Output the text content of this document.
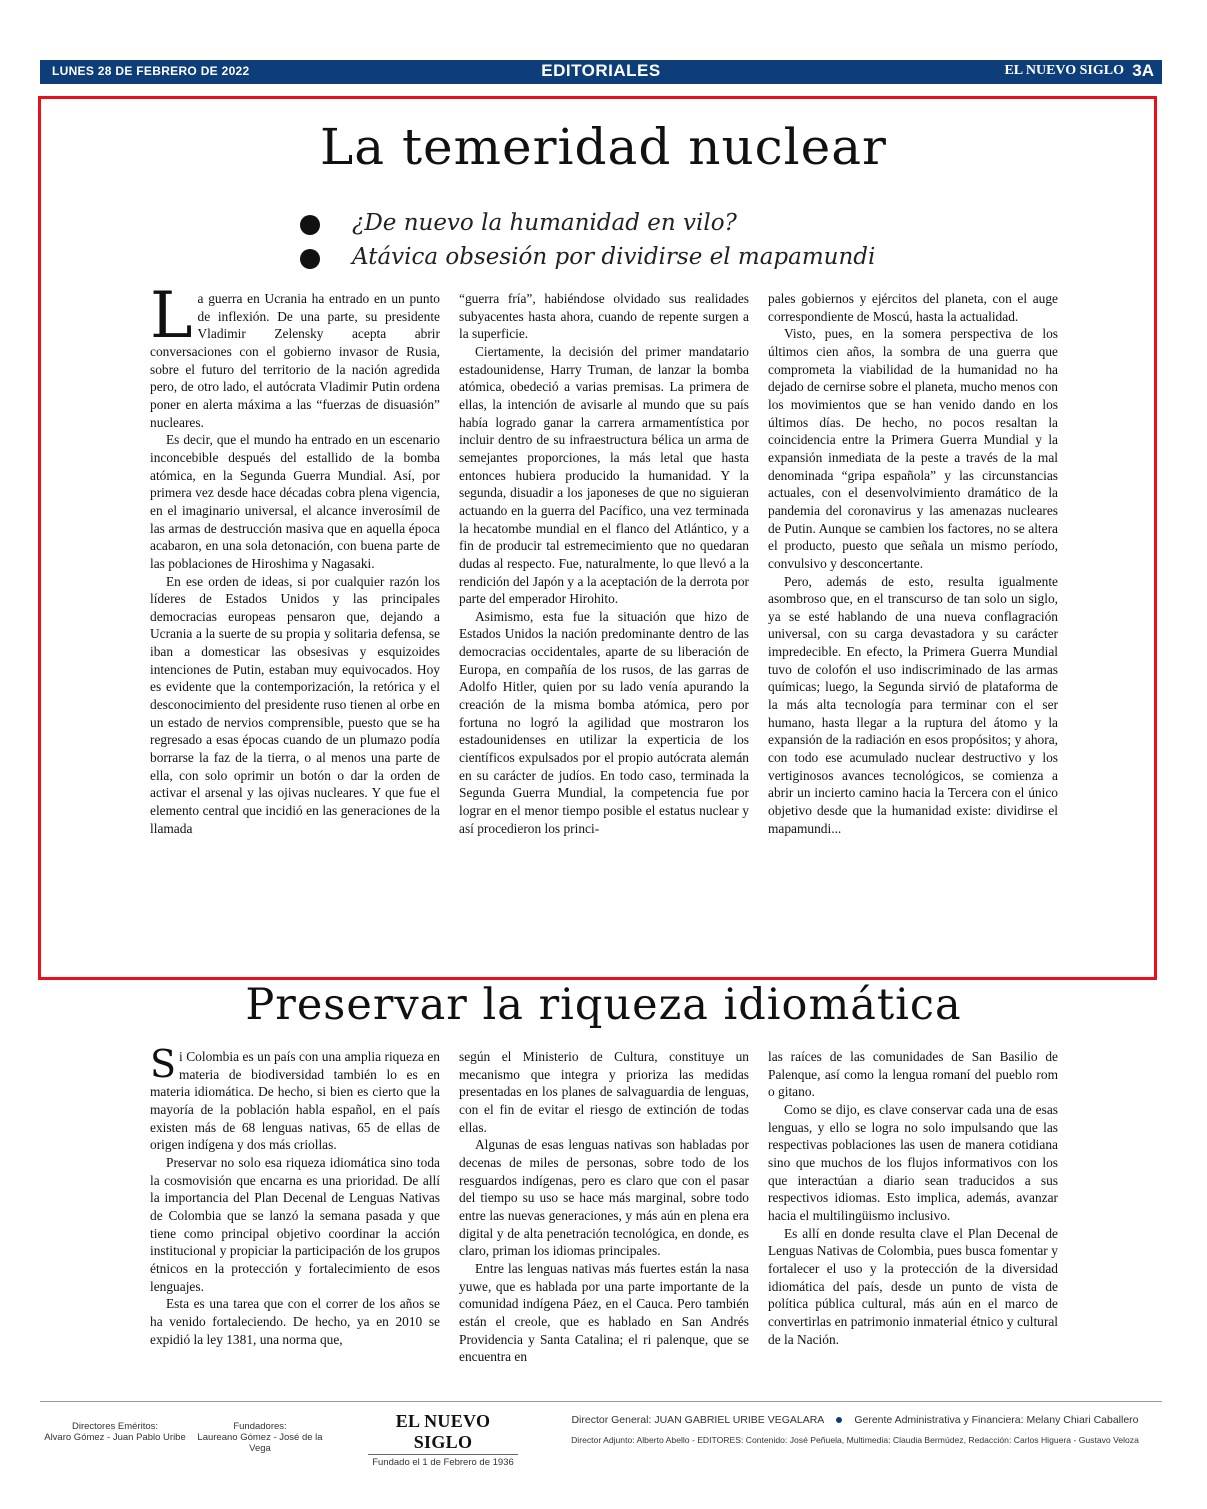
LUNES 28 DE FEBRERO DE 2022	EDITORIALES	EL NUEVO SIGLO 3A
La temeridad nuclear
¿De nuevo la humanidad en vilo?
Atávica obsesión por dividirse el mapamundi

La guerra en Ucrania ha entrado en un punto de inflexión. De una parte, su presidente Vladimir Zelensky acepta abrir conversaciones con el gobierno invasor de Rusia, sobre el futuro del territorio de la nación agredida pero, de otro lado, el autócrata Vladimir Putin ordena poner en alerta máxima a las “fuerzas de disuasión” nucleares.

Es decir, que el mundo ha entrado en un escenario inconcebible después del estallido de la bomba atómica, en la Segunda Guerra Mundial. Así, por primera vez desde hace décadas cobra plena vigencia, en el imaginario universal, el alcance inverosímil de las armas de destrucción masiva que en aquella época acabaron, en una sola detonación, con buena parte de las poblaciones de Hiroshima y Nagasaki.

En ese orden de ideas, si por cualquier razón los líderes de Estados Unidos y las principales democracias europeas pensaron que, dejando a Ucrania a la suerte de su propia y solitaria defensa, se iban a domesticar las obsesivas y esquizoides intenciones de Putin, estaban muy equivocados. Hoy es evidente que la contemporización, la retórica y el desconocimiento del presidente ruso tienen al orbe en un estado de nervios comprensible, puesto que se ha regresado a esas épocas cuando de un plumazo podía borrarse la faz de la tierra, o al menos una parte de ella, con solo oprimir un botón o dar la orden de activar el arsenal y las ojivas nucleares. Y que fue el elemento central que incidió en las generaciones de la llamada

“guerra fría”, habiéndose olvidado sus realidades subyacentes hasta ahora, cuando de repente surgen a la superficie.

Ciertamente, la decisión del primer mandatario estadounidense, Harry Truman, de lanzar la bomba atómica, obedeció a varias premisas. La primera de ellas, la intención de avisarle al mundo que su país había logrado ganar la carrera armamentística por incluir dentro de su infraestructura bélica un arma de semejantes proporciones, la más letal que hasta entonces hubiera producido la humanidad. Y la segunda, disuadir a los japoneses de que no siguieran actuando en la guerra del Pacífico, una vez terminada la hecatombe mundial en el flanco del Atlántico, y a fin de producir tal estremecimiento que no quedaran dudas al respecto. Fue, naturalmente, lo que llevó a la rendición del Japón y a la aceptación de la derrota por parte del emperador Hirohito.

Asimismo, esta fue la situación que hizo de Estados Unidos la nación predominante dentro de las democracias occidentales, aparte de su liberación de Europa, en compañía de los rusos, de las garras de Adolfo Hitler, quien por su lado venía apurando la creación de la misma bomba atómica, pero por fortuna no logró la agilidad que mostraron los estadounidenses en utilizar la experticia de los científicos expulsados por el propio autócrata alemán en su carácter de judíos. En todo caso, terminada la Segunda Guerra Mundial, la competencia fue por lograr en el menor tiempo posible el estatus nuclear y así procedieron los princi-

pales gobiernos y ejércitos del planeta, con el auge correspondiente de Moscú, hasta la actualidad.

Visto, pues, en la somera perspectiva de los últimos cien años, la sombra de una guerra que comprometa la viabilidad de la humanidad no ha dejado de cernirse sobre el planeta, mucho menos con los movimientos que se han venido dando en los últimos días. De hecho, no pocos resaltan la coincidencia entre la Primera Guerra Mundial y la expansión inmediata de la peste a través de la mal denominada “gripa española” y las circunstancias actuales, con el desenvolvimiento dramático de la pandemia del coronavirus y las amenazas nucleares de Putin. Aunque se cambien los factores, no se altera el producto, puesto que señala un mismo período, convulsivo y desconcertante.

Pero, además de esto, resulta igualmente asombroso que, en el transcurso de tan solo un siglo, ya se esté hablando de una nueva conflagración universal, con su carga devastadora y su carácter impredecible. En efecto, la Primera Guerra Mundial tuvo de colofón el uso indiscriminado de las armas químicas; luego, la Segunda sirvió de plataforma de la más alta tecnología para terminar con el ser humano, hasta llegar a la ruptura del átomo y la expansión de la radiación en esos propósitos; y ahora, con todo ese acumulado nuclear destructivo y los vertiginosos avances tecnológicos, se comienza a abrir un incierto camino hacia la Tercera con el único objetivo desde que la humanidad existe: dividirse el mapamundi...

Preservar la riqueza idiomática

Si Colombia es un país con una amplia riqueza en materia de biodiversidad también lo es en materia idiomática. De hecho, si bien es cierto que la mayoría de la población habla español, en el país existen más de 68 lenguas nativas, 65 de ellas de origen indígena y dos más criollas.

Preservar no solo esa riqueza idiomática sino toda la cosmovisión que encarna es una prioridad. De allí la importancia del Plan Decenal de Lenguas Nativas de Colombia que se lanzó la semana pasada y que tiene como principal objetivo coordinar la acción institucional y propiciar la participación de los grupos étnicos en la protección y fortalecimiento de esos lenguajes.

Esta es una tarea que con el correr de los años se ha venido fortaleciendo. De hecho, ya en 2010 se expidió la ley 1381, una norma que,

según el Ministerio de Cultura, constituye un mecanismo que integra y prioriza las medidas presentadas en los planes de salvaguardia de lenguas, con el fin de evitar el riesgo de extinción de todas ellas.

Algunas de esas lenguas nativas son habladas por decenas de miles de personas, sobre todo de los resguardos indígenas, pero es claro que con el pasar del tiempo su uso se hace más marginal, sobre todo entre las nuevas generaciones, y más aún en plena era digital y de alta penetración tecnológica, en donde, es claro, priman los idiomas principales.

Entre las lenguas nativas más fuertes están la nasa yuwe, que es hablada por una parte importante de la comunidad indígena Páez, en el Cauca. Pero también están el creole, que es hablado en San Andrés Providencia y Santa Catalina; el ri palenque, que se encuentra en

las raíces de las comunidades de San Basilio de Palenque, así como la lengua romaní del pueblo rom o gitano.

Como se dijo, es clave conservar cada una de esas lenguas, y ello se logra no solo impulsando que las respectivas poblaciones las usen de manera cotidiana sino que muchos de los flujos informativos con los que interactúan a diario sean traducidos a sus respectivos idiomas. Esto implica, además, avanzar hacia el multilingüismo inclusivo.

Es allí en donde resulta clave el Plan Decenal de Lenguas Nativas de Colombia, pues busca fomentar y fortalecer el uso y la protección de la diversidad idiomática del país, desde un punto de vista de política pública cultural, más aún en el marco de convertirlas en patrimonio inmaterial étnico y cultural de la Nación.

Directores Eméritos:
Alvaro Gómez - Juan Pablo Uribe
Fundadores:
Laureano Gómez - José de la Vega
EL NUEVO SIGLO
Fundado el 1 de Febrero de 1936
Director General: JUAN GABRIEL URIBE VEGALARA	Gerente Administrativa y Financiera: Melany Chiari Caballero
Director Adjunto: Alberto Abello - EDITORES: Contenido: José Peñuela, Multimedia: Claudia Bermúdez, Redacción: Carlos Higuera - Gustavo Veloza
